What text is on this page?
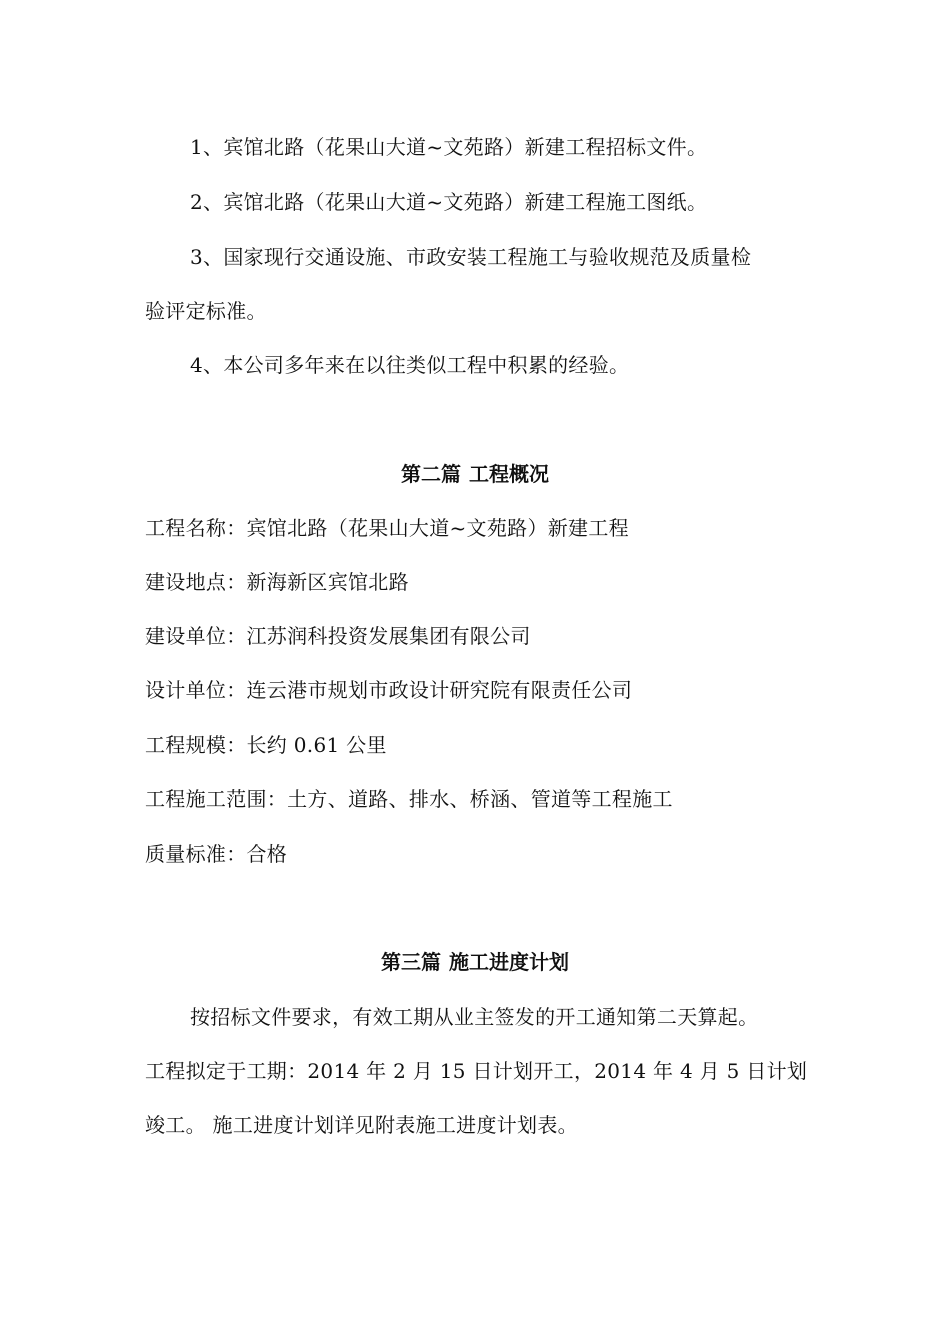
1、宾馆北路（花果山大道~文苑路）新建工程招标文件。
2、宾馆北路（花果山大道~文苑路）新建工程施工图纸。
3、国家现行交通设施、市政安装工程施工与验收规范及质量检
验评定标准。
4、本公司多年来在以往类似工程中积累的经验。
第二篇 工程概况
工程名称：宾馆北路（花果山大道~文苑路）新建工程
建设地点：新海新区宾馆北路
建设单位：江苏润科投资发展集团有限公司
设计单位：连云港市规划市政设计研究院有限责任公司
工程规模：长约 0.61 公里
工程施工范围：土方、道路、排水、桥涵、管道等工程施工
质量标准：合格
第三篇 施工进度计划
按招标文件要求，有效工期从业主签发的开工通知第二天算起。
工程拟定于工期：2014 年 2 月 15 日计划开工，2014 年 4 月 5 日计划
竣工。 施工进度计划详见附表施工进度计划表。
